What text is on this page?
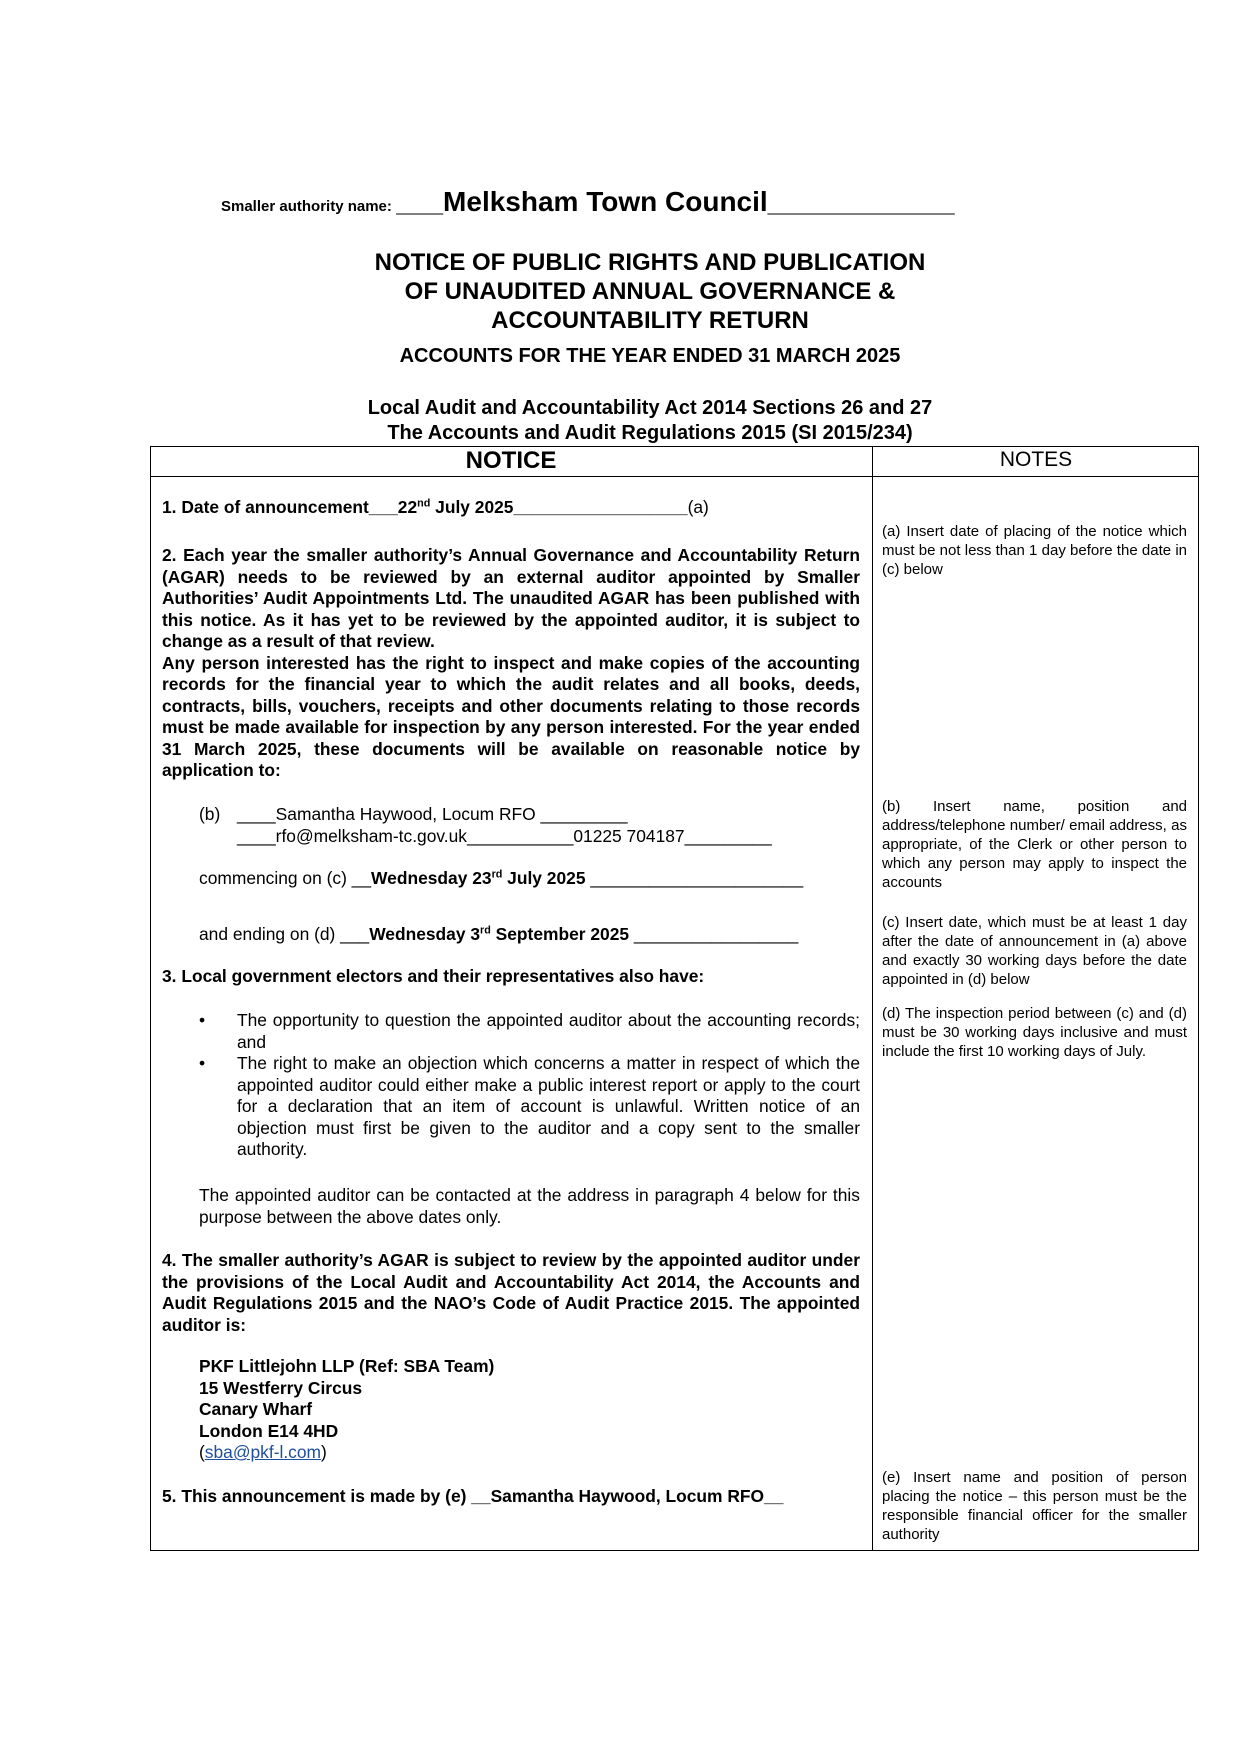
Smaller authority name: ___Melksham Town Council____________
NOTICE OF PUBLIC RIGHTS AND PUBLICATION
OF UNAUDITED ANNUAL GOVERNANCE &
ACCOUNTABILITY RETURN
ACCOUNTS FOR THE YEAR ENDED 31 MARCH 2025
Local Audit and Accountability Act 2014 Sections 26 and 27
The Accounts and Audit Regulations 2015 (SI 2015/234)
NOTICE	NOTES
1. Date of announcement___22nd July 2025__________________(a)
2. Each year the smaller authority’s Annual Governance and Accountability Return (AGAR) needs to be reviewed by an external auditor appointed by Smaller Authorities’ Audit Appointments Ltd. The unaudited AGAR has been published with this notice. As it has yet to be reviewed by the appointed auditor, it is subject to change as a result of that review.
Any person interested has the right to inspect and make copies of the accounting records for the financial year to which the audit relates and all books, deeds, contracts, bills, vouchers, receipts and other documents relating to those records must be made available for inspection by any person interested. For the year ended 31 March 2025, these documents will be available on reasonable notice by application to:
(b) ____Samantha Haywood, Locum RFO _________
____rfo@melksham-tc.gov.uk___________01225 704187_________
commencing on (c) __Wednesday 23rd July 2025 ______________________
and ending on (d) ___Wednesday 3rd September 2025 _________________
3. Local government electors and their representatives also have:
• The opportunity to question the appointed auditor about the accounting records; and
• The right to make an objection which concerns a matter in respect of which the appointed auditor could either make a public interest report or apply to the court for a declaration that an item of account is unlawful. Written notice of an objection must first be given to the auditor and a copy sent to the smaller authority.
The appointed auditor can be contacted at the address in paragraph 4 below for this purpose between the above dates only.
4. The smaller authority’s AGAR is subject to review by the appointed auditor under the provisions of the Local Audit and Accountability Act 2014, the Accounts and Audit Regulations 2015 and the NAO’s Code of Audit Practice 2015. The appointed auditor is:
PKF Littlejohn LLP (Ref: SBA Team)
15 Westferry Circus
Canary Wharf
London E14 4HD
(sba@pkf-l.com)
5. This announcement is made by (e) __Samantha Haywood, Locum RFO__
(a) Insert date of placing of the notice which must be not less than 1 day before the date in (c) below
(b) Insert name, position and address/telephone number/ email address, as appropriate, of the Clerk or other person to which any person may apply to inspect the accounts
(c) Insert date, which must be at least 1 day after the date of announcement in (a) above and exactly 30 working days before the date appointed in (d) below
(d) The inspection period between (c) and (d) must be 30 working days inclusive and must include the first 10 working days of July.
(e) Insert name and position of person placing the notice – this person must be the responsible financial officer for the smaller authority
